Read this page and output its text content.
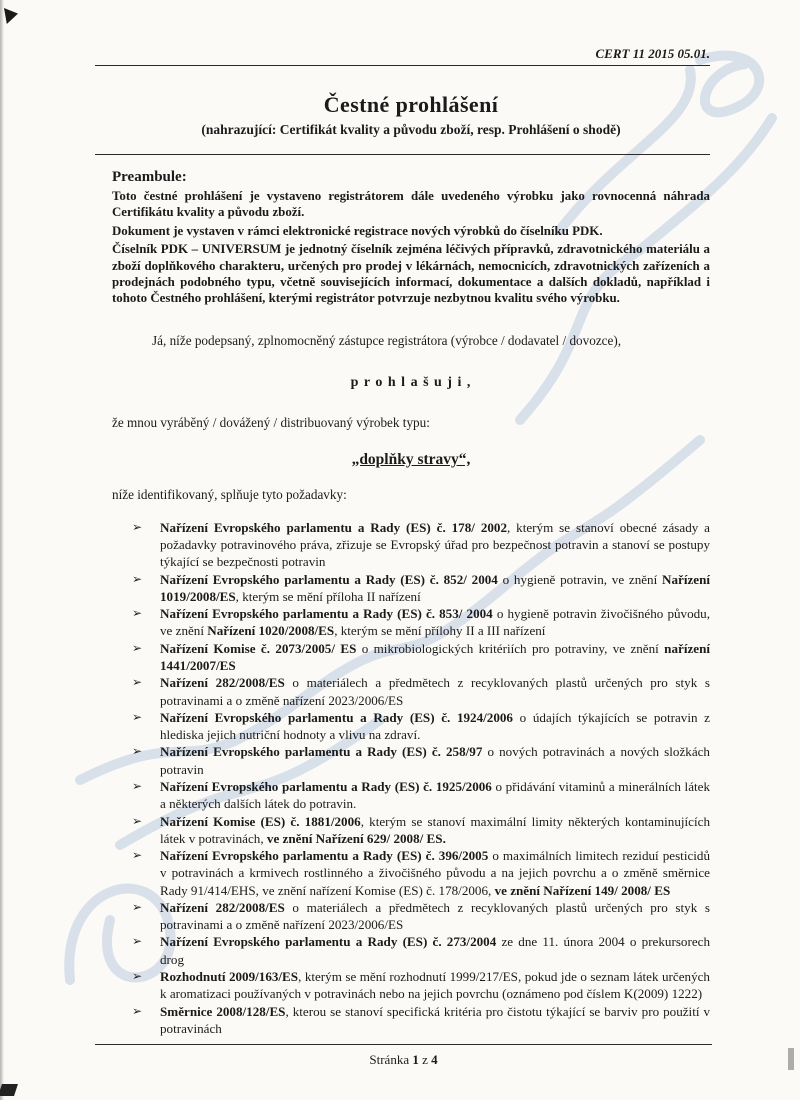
CERT 11 2015 05.01.
Čestné prohlášení
(nahrazující: Certifikát kvality a původu zboží, resp. Prohlášení o shodě)
Preambule:

Toto čestné prohlášení je vystaveno registrátorem dále uvedeného výrobku jako rovnocenná náhrada Certifikátu kvality a původu zboží.

Dokument je vystaven v rámci elektronické registrace nových výrobků do číselníku PDK.

Číselník PDK – UNIVERSUM je jednotný číselník zejména léčivých přípravků, zdravotnického materiálu a zboží doplňkového charakteru, určených pro prodej v lékárnách, nemocnicích, zdravotnických zařízeních a prodejnách podobného typu, včetně souvisejících informací, dokumentace a dalších dokladů, například i tohoto Čestného prohlášení, kterými registrátor potvrzuje nezbytnou kvalitu svého výrobku.

Já, níže podepsaný, zplnomocněný zástupce registrátora (výrobce / dodavatel / dovozce),

p r o h l a š u j i ,

že mnou vyráběný / dovážený / distribuovaný výrobek typu:

„doplňky stravy“,

níže identifikovaný, splňuje tyto požadavky:

➢ Nařízení Evropského parlamentu a Rady (ES) č. 178/ 2002, kterým se stanoví obecné zásady a požadavky potravinového práva, zřizuje se Evropský úřad pro bezpečnost potravin a stanoví se postupy týkající se bezpečnosti potravin
➢ Nařízení Evropského parlamentu a Rady (ES) č. 852/ 2004 o hygieně potravin, ve znění Nařízení 1019/2008/ES, kterým se mění příloha II nařízení
➢ Nařízení Evropského parlamentu a Rady (ES) č. 853/ 2004 o hygieně potravin živočišného původu, ve znění Nařízení 1020/2008/ES, kterým se mění přílohy II a III nařízení
➢ Nařízení Komise č. 2073/2005/ ES o mikrobiologických kritériích pro potraviny, ve znění nařízení 1441/2007/ES
➢ Nařízení 282/2008/ES o materiálech a předmětech z recyklovaných plastů určených pro styk s potravinami a o změně nařízení 2023/2006/ES
➢ Nařízení Evropského parlamentu a Rady (ES) č. 1924/2006 o údajích týkajících se potravin z hlediska jejich nutriční hodnoty a vlivu na zdraví.
➢ Nařízení Evropského parlamentu a Rady (ES) č. 258/97 o nových potravinách a nových složkách potravin
➢ Nařízení Evropského parlamentu a Rady (ES) č. 1925/2006 o přidávání vitaminů a minerálních látek a některých dalších látek do potravin.
➢ Nařízení Komise (ES) č. 1881/2006, kterým se stanoví maximální limity některých kontaminujících látek v potravinách, ve znění Nařízení 629/ 2008/ ES.
➢ Nařízení Evropského parlamentu a Rady (ES) č. 396/2005 o maximálních limitech reziduí pesticidů v potravinách a krmivech rostlinného a živočišného původu a na jejich povrchu a o změně směrnice Rady 91/414/EHS, ve znění nařízení Komise (ES) č. 178/2006, ve znění Nařízení 149/ 2008/ ES
➢ Nařízení 282/2008/ES o materiálech a předmětech z recyklovaných plastů určených pro styk s potravinami a o změně nařízení 2023/2006/ES
➢ Nařízení Evropského parlamentu a Rady (ES) č. 273/2004 ze dne 11. února 2004 o prekursorech drog
➢ Rozhodnutí 2009/163/ES, kterým se mění rozhodnutí 1999/217/ES, pokud jde o seznam látek určených k aromatizaci používaných v potravinách nebo na jejich povrchu (oznámeno pod číslem K(2009) 1222)
➢ Směrnice 2008/128/ES, kterou se stanoví specifická kritéria pro čistotu týkající se barviv pro použití v potravinách
Stránka 1 z 4
